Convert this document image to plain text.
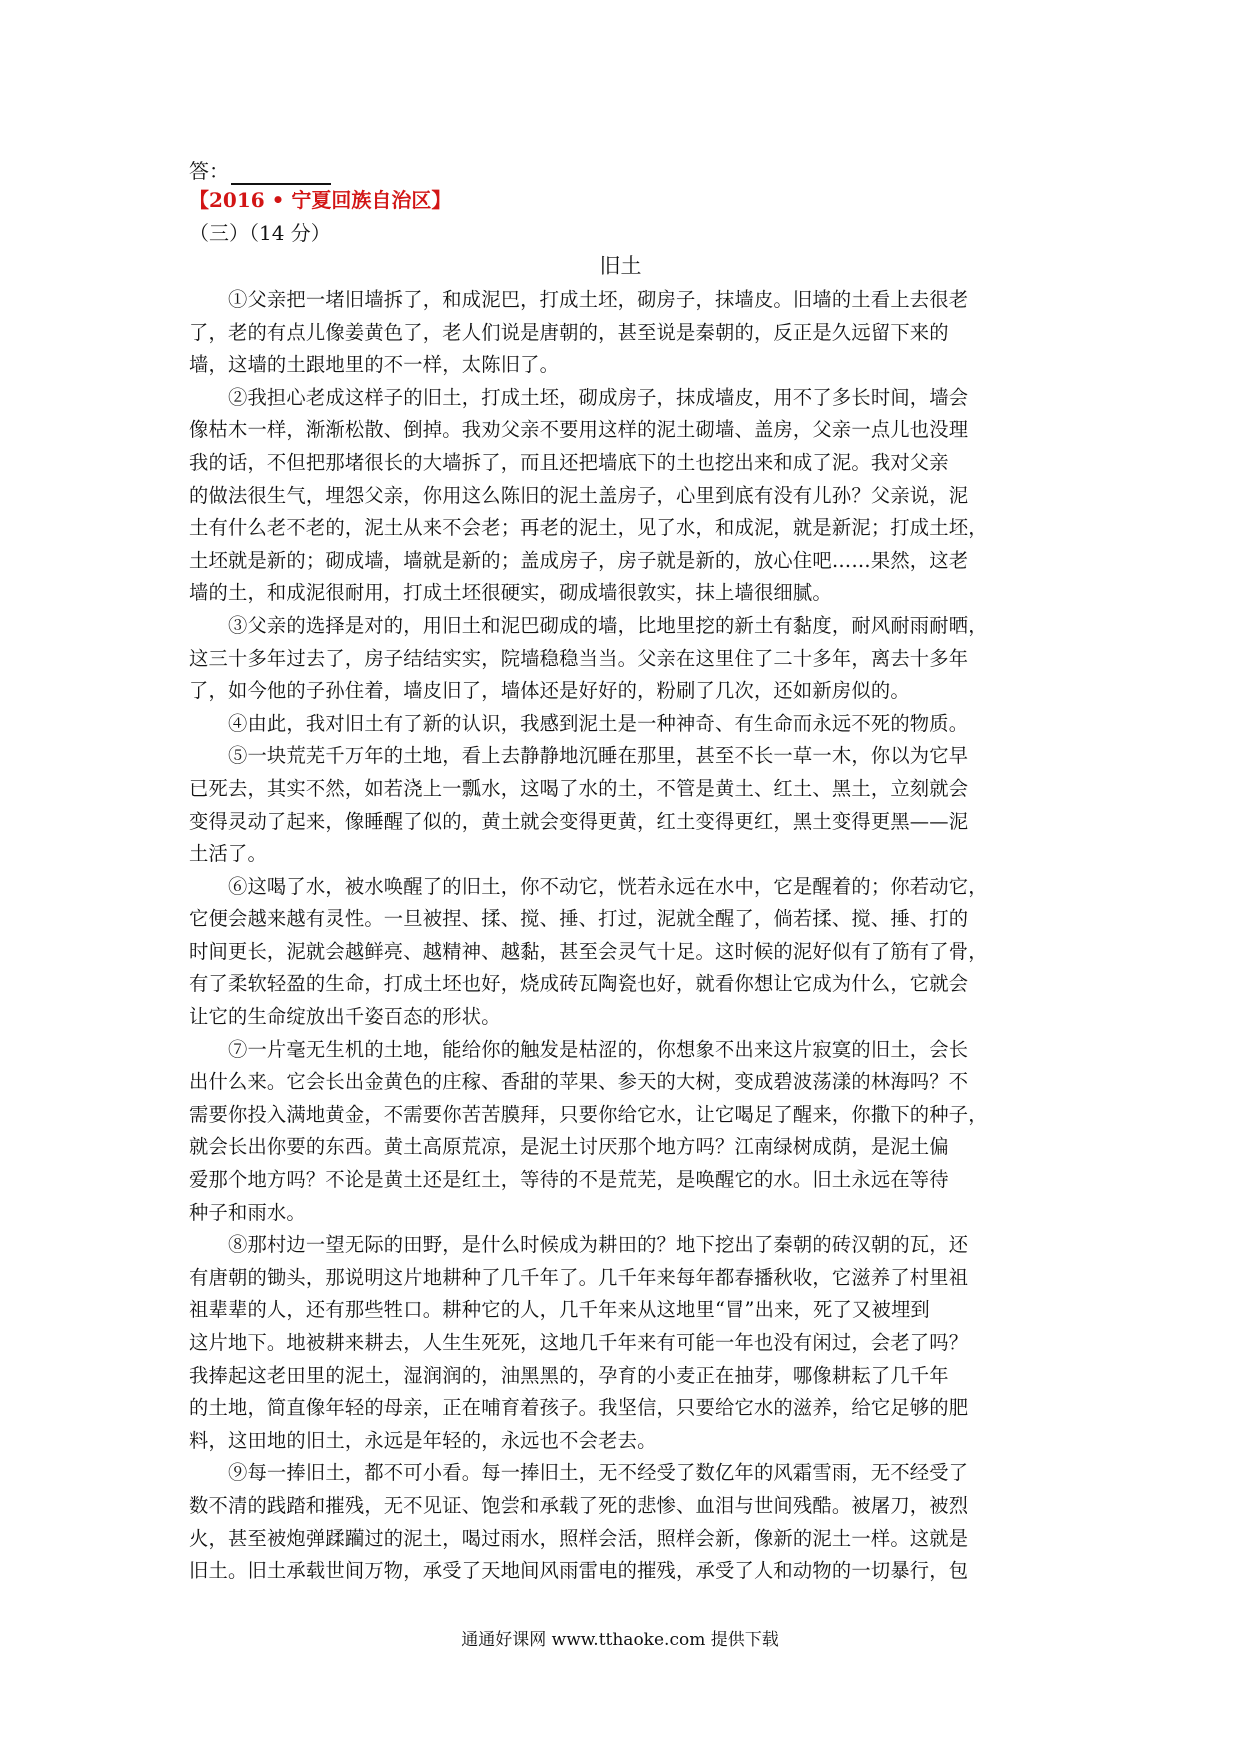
答：
【2016 • 宁夏回族自治区】
（三）（14 分）
旧土
　　①父亲把一堵旧墙拆了，和成泥巴，打成土坯，砌房子，抹墙皮。旧墙的土看上去很老
了，老的有点儿像姜黄色了，老人们说是唐朝的，甚至说是秦朝的，反正是久远留下来的
墙，这墙的土跟地里的不一样，太陈旧了。
　　②我担心老成这样子的旧土，打成土坯，砌成房子，抹成墙皮，用不了多长时间，墙会
像枯木一样，渐渐松散、倒掉。我劝父亲不要用这样的泥土砌墙、盖房，父亲一点儿也没理
我的话，不但把那堵很长的大墙拆了，而且还把墙底下的土也挖出来和成了泥。我对父亲
的做法很生气，埋怨父亲，你用这么陈旧的泥土盖房子，心里到底有没有儿孙？父亲说，泥
土有什么老不老的，泥土从来不会老；再老的泥土，见了水，和成泥，就是新泥；打成土坯，
土坯就是新的；砌成墙，墙就是新的；盖成房子，房子就是新的，放心住吧……果然，这老
墙的土，和成泥很耐用，打成土坯很硬实，砌成墙很敦实，抹上墙很细腻。
　　③父亲的选择是对的，用旧土和泥巴砌成的墙，比地里挖的新土有黏度，耐风耐雨耐晒，
这三十多年过去了，房子结结实实，院墙稳稳当当。父亲在这里住了二十多年，离去十多年
了，如今他的子孙住着，墙皮旧了，墙体还是好好的，粉刷了几次，还如新房似的。
　　④由此，我对旧土有了新的认识，我感到泥土是一种神奇、有生命而永远不死的物质。
　　⑤一块荒芜千万年的土地，看上去静静地沉睡在那里，甚至不长一草一木，你以为它早
已死去，其实不然，如若浇上一瓢水，这喝了水的土，不管是黄土、红土、黑土，立刻就会
变得灵动了起来，像睡醒了似的，黄土就会变得更黄，红土变得更红，黑土变得更黑——泥
土活了。
　　⑥这喝了水，被水唤醒了的旧土，你不动它，恍若永远在水中，它是醒着的；你若动它，
它便会越来越有灵性。一旦被捏、揉、搅、捶、打过，泥就全醒了，倘若揉、搅、捶、打的
时间更长，泥就会越鲜亮、越精神、越黏，甚至会灵气十足。这时候的泥好似有了筋有了骨，
有了柔软轻盈的生命，打成土坯也好，烧成砖瓦陶瓷也好，就看你想让它成为什么，它就会
让它的生命绽放出千姿百态的形状。
　　⑦一片毫无生机的土地，能给你的触发是枯涩的，你想象不出来这片寂寞的旧土，会长
出什么来。它会长出金黄色的庄稼、香甜的苹果、参天的大树，变成碧波荡漾的林海吗？不
需要你投入满地黄金，不需要你苦苦膜拜，只要你给它水，让它喝足了醒来，你撒下的种子，
就会长出你要的东西。黄土高原荒凉，是泥土讨厌那个地方吗？江南绿树成荫，是泥土偏
爱那个地方吗？不论是黄土还是红土，等待的不是荒芜，是唤醒它的水。旧土永远在等待
种子和雨水。
　　⑧那村边一望无际的田野，是什么时候成为耕田的？地下挖出了秦朝的砖汉朝的瓦，还
有唐朝的锄头，那说明这片地耕种了几千年了。几千年来每年都春播秋收，它滋养了村里祖
祖辈辈的人，还有那些牲口。耕种它的人，几千年来从这地里“冒”出来，死了又被埋到
这片地下。地被耕来耕去，人生生死死，这地几千年来有可能一年也没有闲过，会老了吗？
我捧起这老田里的泥土，湿润润的，油黑黑的，孕育的小麦正在抽芽，哪像耕耘了几千年
的土地，简直像年轻的母亲，正在哺育着孩子。我坚信，只要给它水的滋养，给它足够的肥
料，这田地的旧土，永远是年轻的，永远也不会老去。
　　⑨每一捧旧土，都不可小看。每一捧旧土，无不经受了数亿年的风霜雪雨，无不经受了
数不清的践踏和摧残，无不见证、饱尝和承载了死的悲惨、血泪与世间残酷。被屠刀，被烈
火，甚至被炮弹蹂躏过的泥土，喝过雨水，照样会活，照样会新，像新的泥土一样。这就是
旧土。旧土承载世间万物，承受了天地间风雨雷电的摧残，承受了人和动物的一切暴行，包
通通好课网 www.tthaoke.com 提供下载
